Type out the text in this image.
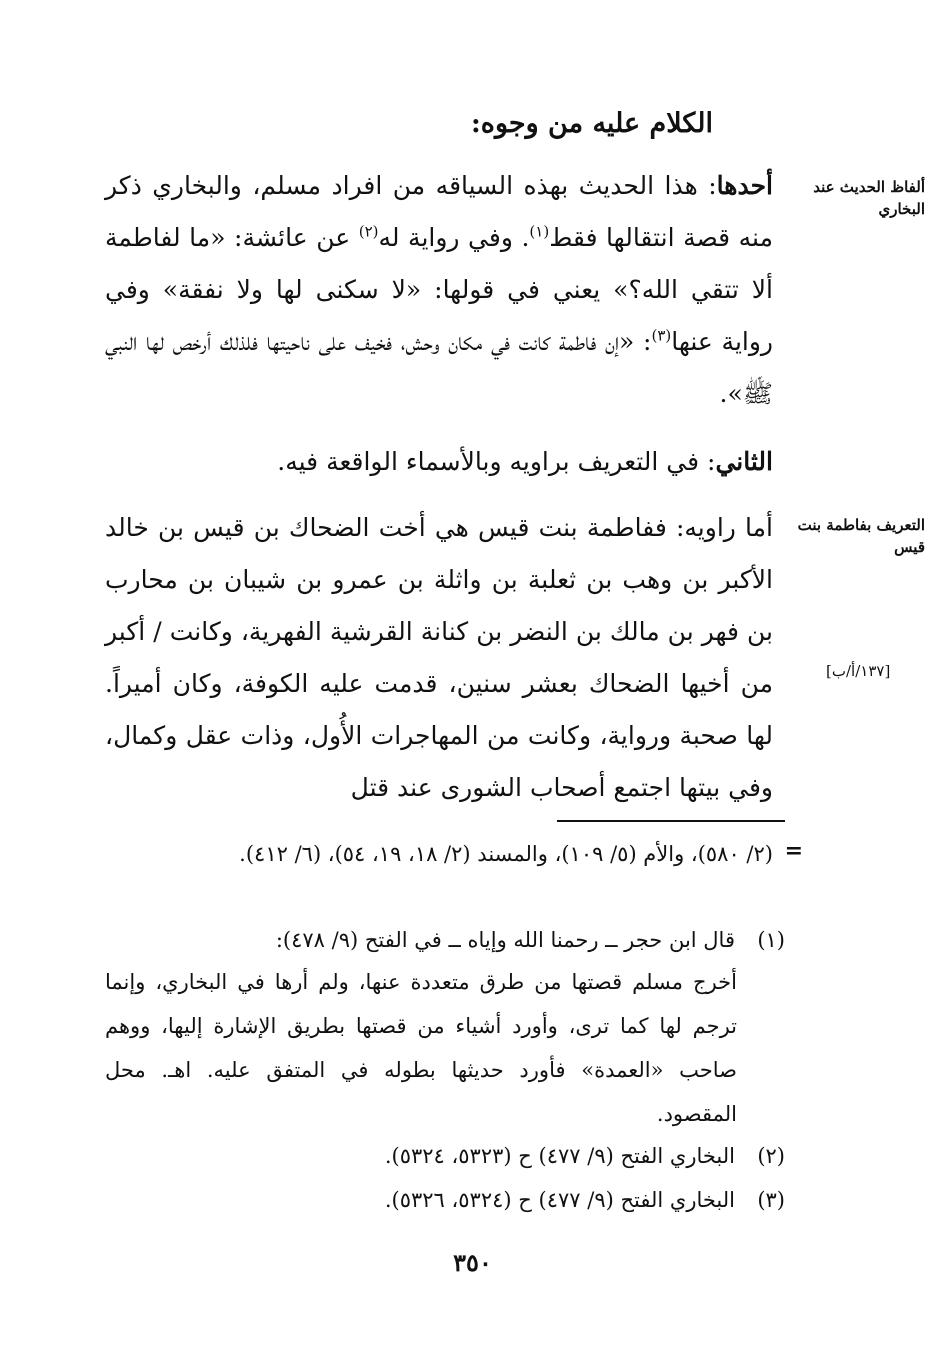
الكلام عليه من وجوه:
ألفاظ الحديث عند البخاري
أحدها: هذا الحديث بهذه السياقه من افراد مسلم، والبخاري ذكر منه قصة انتقالها فقط$^{(١)}$. وفي رواية له$^{(٢)}$ عن عائشة: «ما لفاطمة ألا تتقي الله؟» يعني في قولها: «لا سكنى لها ولا نفقة» وفي رواية عنها$^{(٣)}$: «إن فاطمة كانت في مكان وحش، فخيف على ناحيتها فلذلك أرخص لها النبي ﷺ».
الثاني: في التعريف براويه وبالأسماء الواقعة فيه.
التعريف بفاطمة بنت قيس
[١٣٧/أ/ب]
أما راويه: ففاطمة بنت قيس هي أخت الضحاك بن قيس بن خالد الأكبر بن وهب بن ثعلبة بن واثلة بن عمرو بن شيبان بن محارب بن فهر بن مالك بن النضر بن كنانة القرشية الفهرية، وكانت / أكبر من أخيها الضحاك بعشر سنين، قدمت عليه الكوفة، وكان أميراً. لها صحبة ورواية، وكانت من المهاجرات الأُول، وذات عقل وكمال، وفي بيتها اجتمع أصحاب الشورى عند قتل
=
(٢/ ٥٨٠)، والأم (٥/ ١٠٩)، والمسند (٢/ ١٨، ١٩، ٥٤)، (٦/ ٤١٢).
(١)قال ابن حجر ــ رحمنا الله وإياه ــ في الفتح (٩/ ٤٧٨):
أخرج مسلم قصتها من طرق متعددة عنها، ولم أرها في البخاري، وإنما ترجم لها كما ترى، وأورد أشياء من قصتها بطريق الإشارة إليها، ووهم صاحب «العمدة» فأورد حديثها بطوله في المتفق عليه. اهـ. محل المقصود.
(٢)البخاري الفتح (٩/ ٤٧٧) ح (٥٣٢٣، ٥٣٢٤).
(٣)البخاري الفتح (٩/ ٤٧٧) ح (٥٣٢٤، ٥٣٢٦).
٣٥٠
